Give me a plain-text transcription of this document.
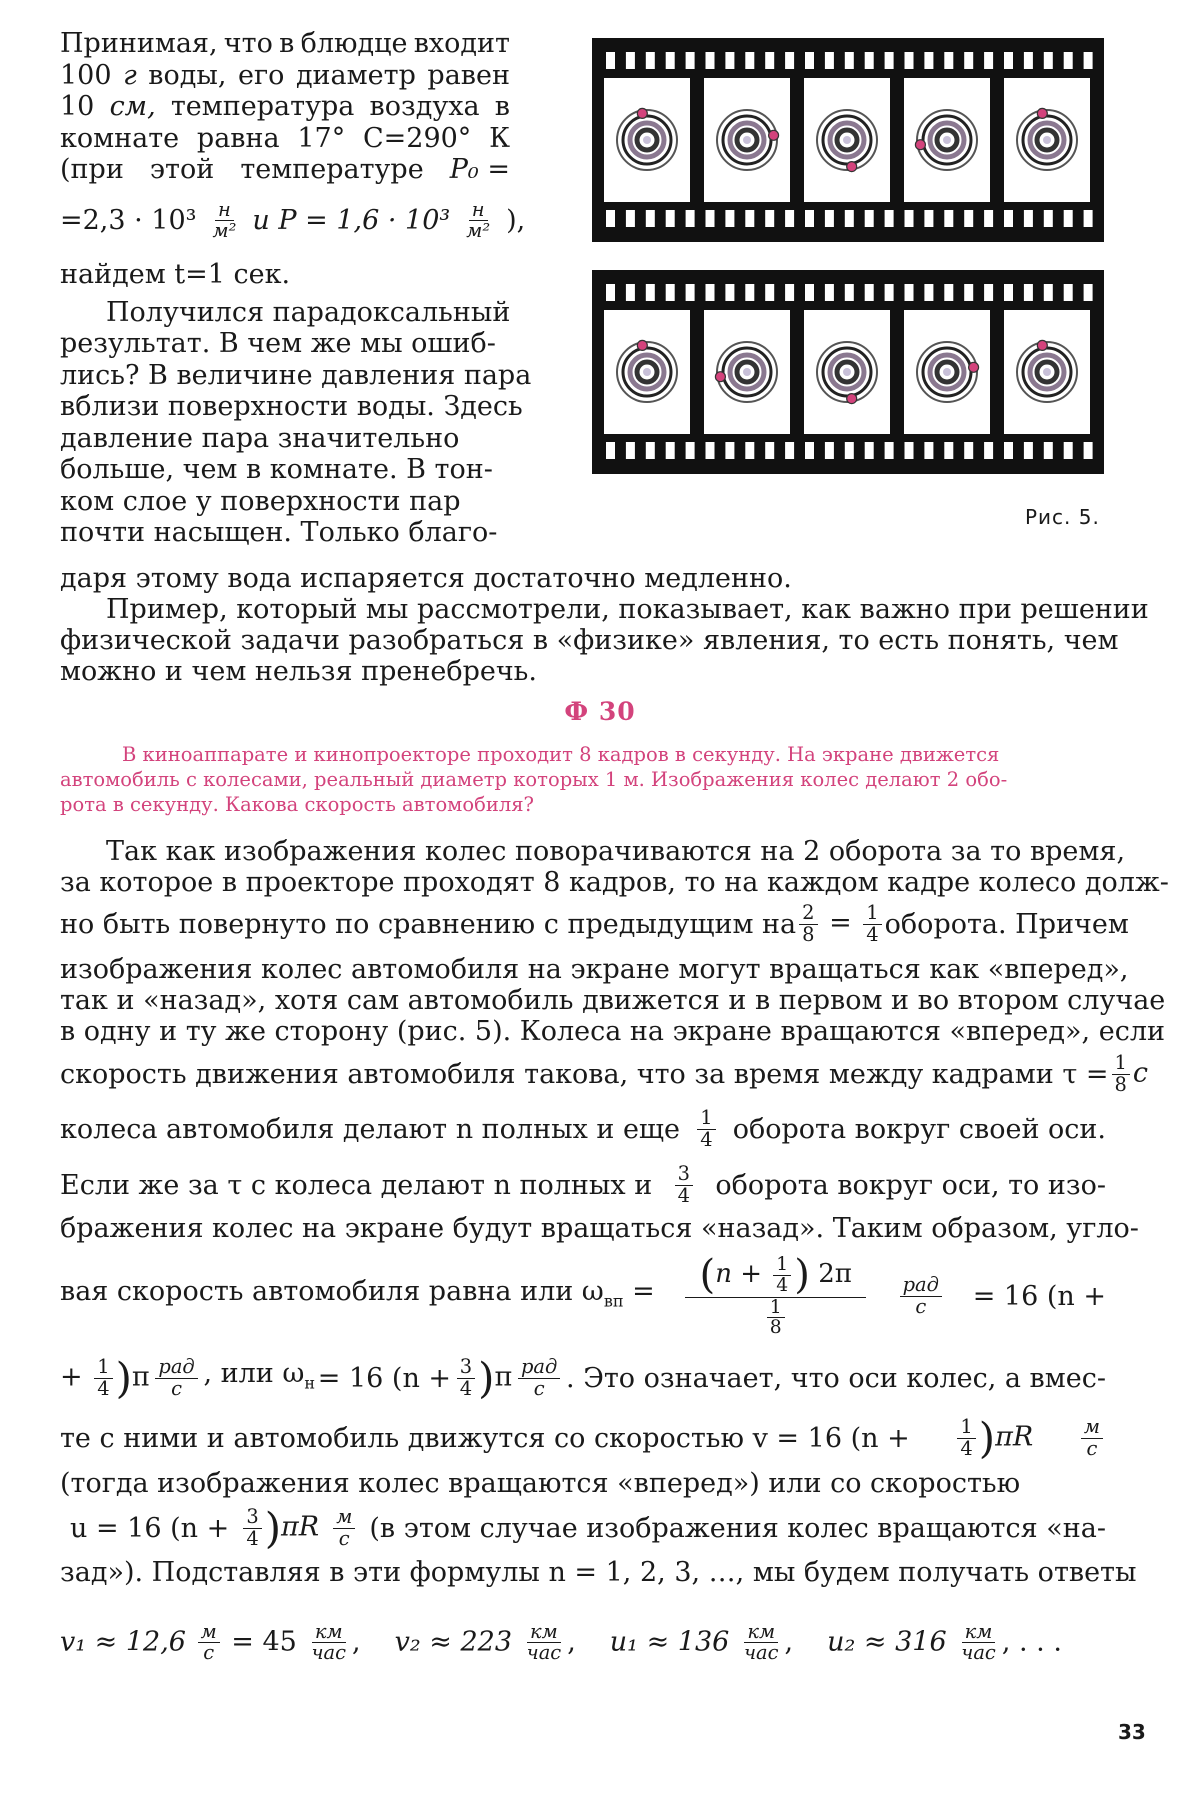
Принимая, что в блюдце входит
100 г воды, его диаметр равен
10 см, температура воздуха в
комнате равна 17° С=290° К
(при этой температуре P₀ =
$=2,3 \cdot 10^3 \frac{н}{\text{м²}}$ и $P = 1,6 \cdot 10^3 \frac{н}{\text{м²}}$ ),
найдем t=1 сек.
Получился парадоксальный
результат. В чем же мы ошиб-
лись? В величине давления пара
вблизи поверхности воды. Здесь
давление пара значительно
больше, чем в комнате. В тон-
ком слое у поверхности пар
почти насыщен. Только благо-
Рис. 5.
даря этому вода испаряется достаточно медленно.
Пример, который мы рассмотрели, показывает, как важно при решении
физической задачи разобраться в «физике» явления, то есть понять, чем
можно и чем нельзя пренебречь.
Ф 30
В киноаппарате и кинопроекторе проходит 8 кадров в секунду. На экране движется
автомобиль с колесами, реальный диаметр которых 1 м. Изображения колес делают 2 обо-
рота в секунду. Какова скорость автомобиля?
Так как изображения колес поворачиваются на 2 оборота за то время,
за которое в проекторе проходят 8 кадров, то на каждом кадре колесо долж-
но быть повернуто по сравнению с предыдущим на $\frac{2}{8} = \frac{1}{4}$ оборота. Причем
изображения колес автомобиля на экране могут вращаться как «вперед»,
так и «назад», хотя сам автомобиль движется и в первом и во втором случае
в одну и ту же сторону (рис. 5). Колеса на экране вращаются «вперед», если
скорость движения автомобиля такова, что за время между кадрами $\tau = \frac{1}{8}$ с
колеса автомобиля делают n полных и еще $\frac{1}{4}$ оборота вокруг своей оси.
Если же за τ с колеса делают n полных и $\frac{3}{4}$ оборота вокруг оси, то изо-
бражения колес на экране будут вращаться «назад». Таким образом, угло-
вая скорость автомобиля равна или $\omega_{вп} = \frac{(n + \frac{1}{4} ) 2\pi}{\frac{1}{8}} \frac{\text{рад}}{с} = 16$ (n +
+ $\frac{1}{4} )\pi \frac{\text{рад}}{с}$ , или $\omega_н = 16$ $(n + \frac{3}{4} )\pi \frac{\text{рад}}{с}$ . Это означает, что оси колес, а вмес-
те с ними и автомобиль движутся со скоростью v = 16 $(n + \frac{1}{4} )\pi R \frac{м}{с}$
(тогда изображения колес вращаются «вперед») или со скоростью
u = 16 $(n + \frac{3}{4} )\pi R \frac{м}{с} (в$ этом случае изображения колес вращаются «на-
зад»). Подставляя в эти формулы n = 1, 2, 3, …, мы будем получать ответы
$v_1 \approx 12,6 \frac{м}{с} = 45 \frac{км}{\text{час}}$ , $v_2 \approx 223 \frac{км}{\text{час}}$ , $u_1 \approx 136 \frac{км}{\text{час}}$ , $u_2 \approx 316 \frac{км}{\text{час}}$ , . . .
33
